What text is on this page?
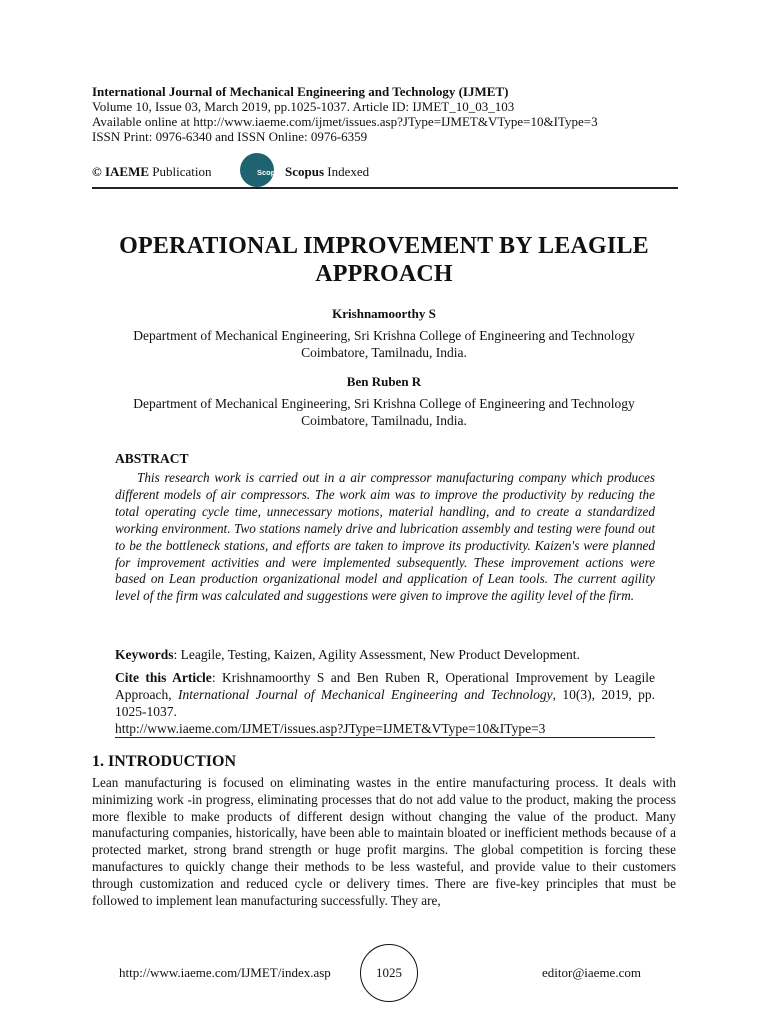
International Journal of Mechanical Engineering and Technology (IJMET)
Volume 10, Issue 03, March 2019, pp.1025-1037. Article ID: IJMET_10_03_103
Available online at http://www.iaeme.com/ijmet/issues.asp?JType=IJMET&VType=10&IType=3
ISSN Print: 0976-6340 and ISSN Online: 0976-6359
© IAEME Publication	Scopus Scopus Indexed
OPERATIONAL IMPROVEMENT BY LEAGILE
APPROACH
Krishnamoorthy S
Department of Mechanical Engineering, Sri Krishna College of Engineering and Technology
Coimbatore, Tamilnadu, India.
Ben Ruben R
Department of Mechanical Engineering, Sri Krishna College of Engineering and Technology
Coimbatore, Tamilnadu, India.
ABSTRACT
This research work is carried out in a air compressor manufacturing company which produces different models of air compressors. The work aim was to improve the productivity by reducing the total operating cycle time, unnecessary motions, material handling, and to create a standardized working environment. Two stations namely drive and lubrication assembly and testing were found out to be the bottleneck stations, and efforts are taken to improve its productivity. Kaizen's were planned for improvement activities and were implemented subsequently. These improvement actions were based on Lean production organizational model and application of Lean tools. The current agility level of the firm was calculated and suggestions were given to improve the agility level of the firm.
Keywords: Leagile, Testing, Kaizen, Agility Assessment, New Product Development.
Cite this Article: Krishnamoorthy S and Ben Ruben R, Operational Improvement by Leagile Approach, International Journal of Mechanical Engineering and Technology, 10(3), 2019, pp. 1025-1037.
http://www.iaeme.com/IJMET/issues.asp?JType=IJMET&VType=10&IType=3
1. INTRODUCTION
Lean manufacturing is focused on eliminating wastes in the entire manufacturing process. It deals with minimizing work -in progress, eliminating processes that do not add value to the product, making the process more flexible to make products of different design without changing the value of the product. Many manufacturing companies, historically, have been able to maintain bloated or inefficient methods because of a protected market, strong brand strength or huge profit margins. The global competition is forcing these manufactures to quickly change their methods to be less wasteful, and provide value to their customers through customization and reduced cycle or delivery times. There are five-key principles that must be followed to implement lean manufacturing successfully. They are,
http://www.iaeme.com/IJMET/index.asp	1025	editor@iaeme.com
